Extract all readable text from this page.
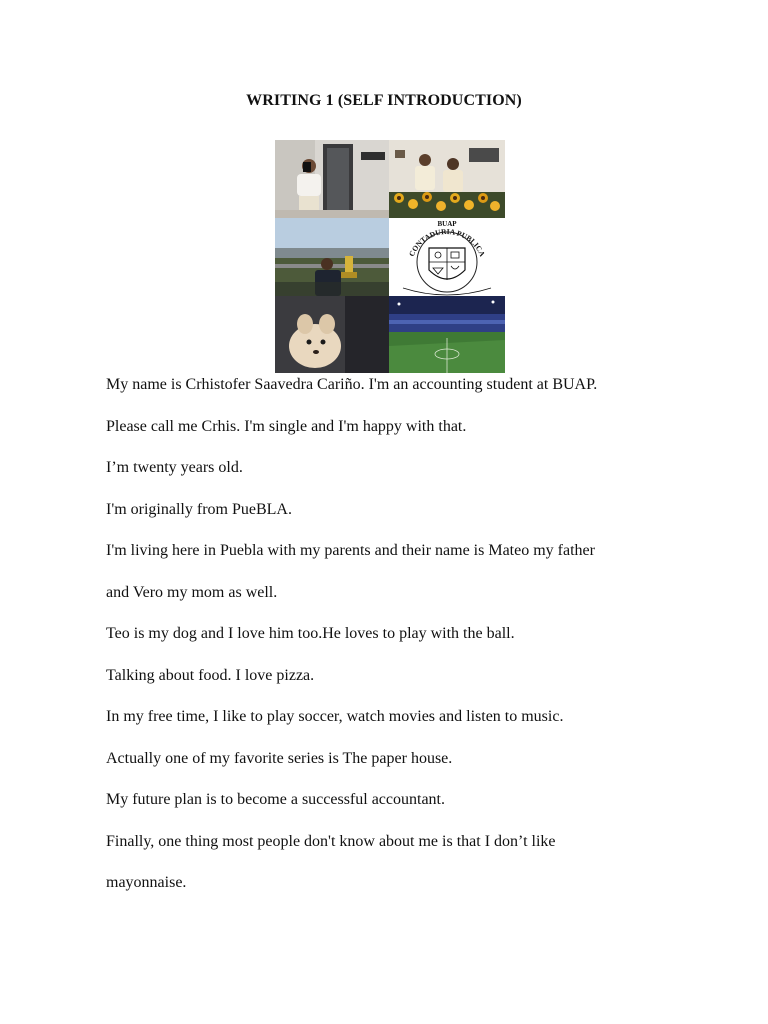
WRITING 1 (SELF INTRODUCTION)
BUAP
CONTADURIA PUBLICA
My name is Crhistofer Saavedra Cariño. I'm an accounting student at BUAP.
Please call me Crhis. I'm single and I'm happy with that.
I’m twenty years old.
I'm originally from PueBLA.
I'm living here in Puebla with my parents and their name is Mateo my father
and Vero my mom as well.
Teo is my dog and I love him too.He loves to play with the ball.
Talking about food. I love pizza.
In my free time, I like to play soccer, watch movies and listen to music.
Actually one of my favorite series is The paper house.
My future plan is to become a successful accountant.
Finally, one thing most people don't know about me is that I don’t like
mayonnaise.
